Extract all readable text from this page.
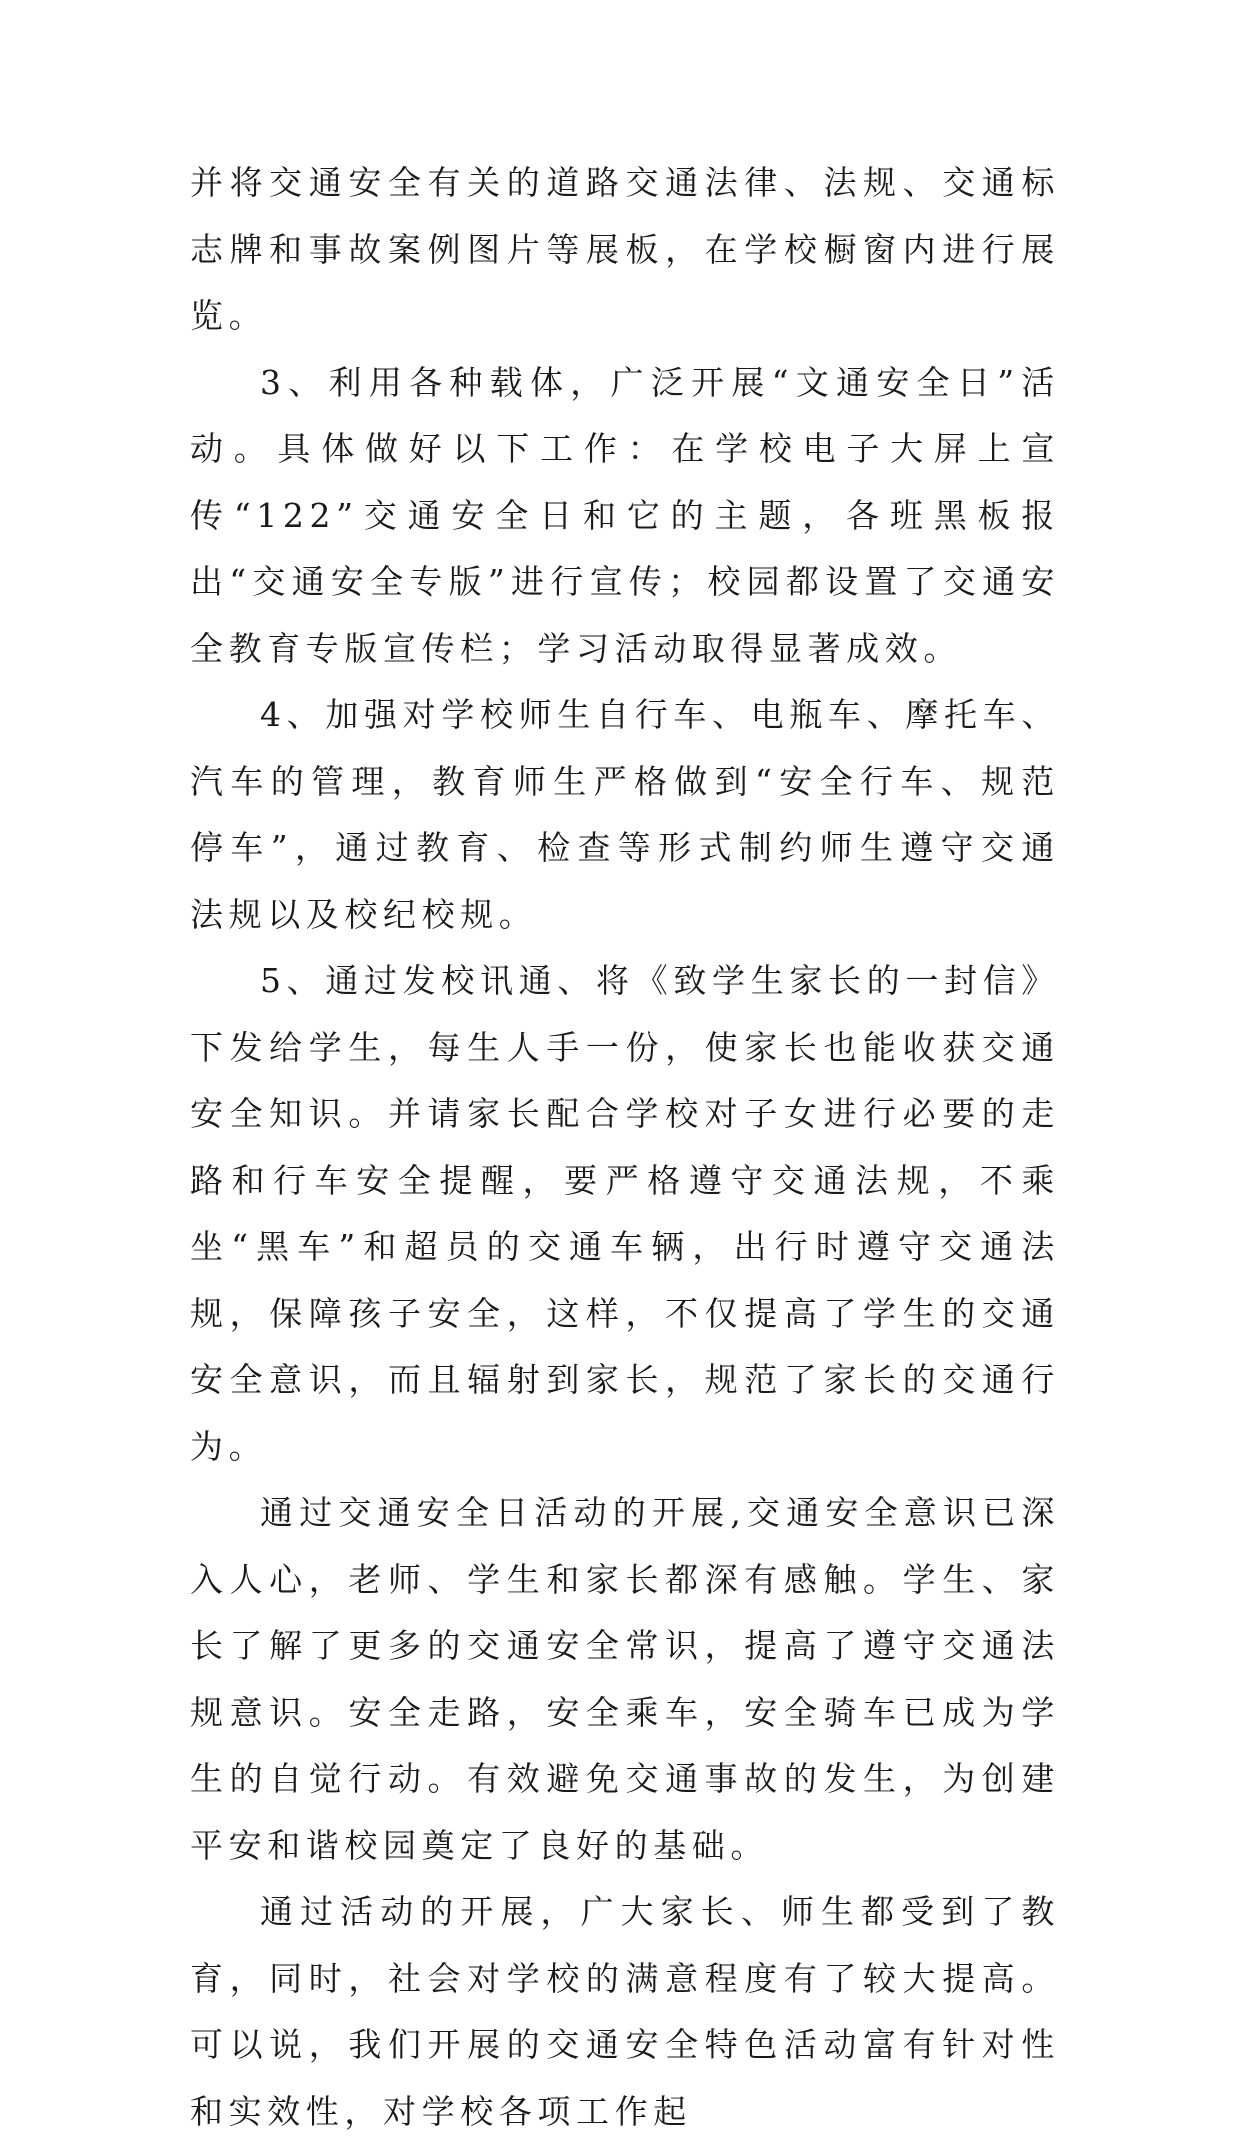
并将交通安全有关的道路交通法律、法规、交通标志牌和事故案例图片等展板，在学校橱窗内进行展览。

3、利用各种载体，广泛开展“文通安全日”活动。具体做好以下工作：在学校电子大屏上宣传“122”交通安全日和它的主题，各班黑板报出“交通安全专版”进行宣传；校园都设置了交通安全教育专版宣传栏；学习活动取得显著成效。

4、加强对学校师生自行车、电瓶车、摩托车、汽车的管理，教育师生严格做到“安全行车、规范停车”，通过教育、检查等形式制约师生遵守交通法规以及校纪校规。

5、通过发校讯通、将《致学生家长的一封信》下发给学生，每生人手一份，使家长也能收获交通安全知识。并请家长配合学校对子女进行必要的走路和行车安全提醒，要严格遵守交通法规，不乘坐“黑车”和超员的交通车辆，出行时遵守交通法规，保障孩子安全，这样，不仅提高了学生的交通安全意识，而且辐射到家长，规范了家长的交通行为。

通过交通安全日活动的开展,交通安全意识已深入人心，老师、学生和家长都深有感触。学生、家长了解了更多的交通安全常识，提高了遵守交通法规意识。安全走路，安全乘车，安全骑车已成为学生的自觉行动。有效避免交通事故的发生，为创建平安和谐校园奠定了良好的基础。

通过活动的开展，广大家长、师生都受到了教育，同时，社会对学校的满意程度有了较大提高。可以说，我们开展的交通安全特色活动富有针对性和实效性，对学校各项工作起
